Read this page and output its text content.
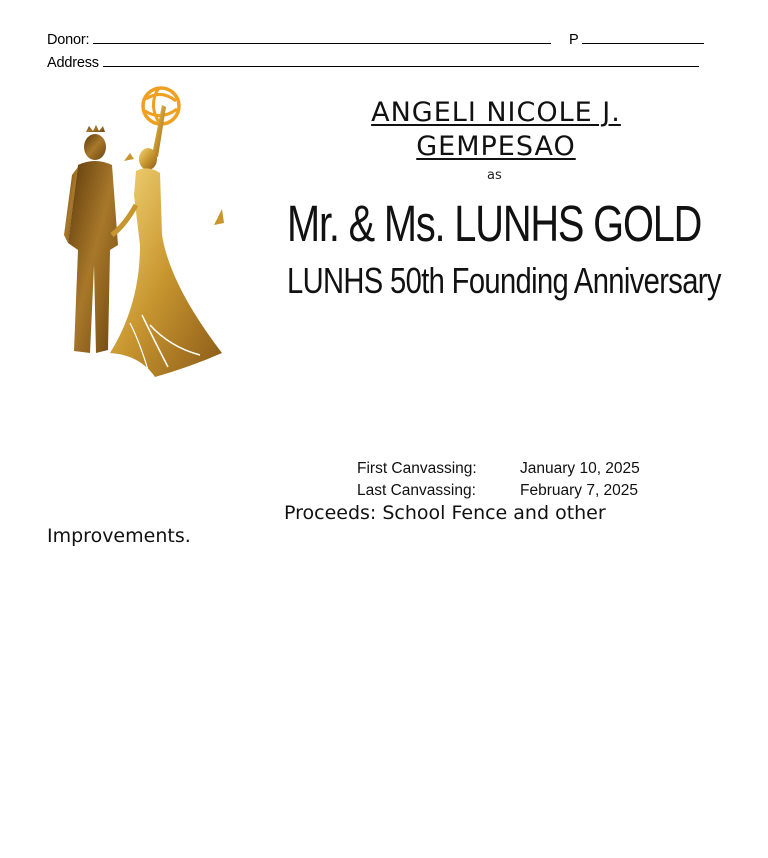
Donor:	P
Address
ANGELI NICOLE J.
GEMPESAO
as
Mr. & Ms. LUNHS GOLD
LUNHS 50th Founding Anniversary
First Canvassing:	January 10, 2025
Last Canvassing:	February 7, 2025
Proceeds: School Fence and other
Improvements.
